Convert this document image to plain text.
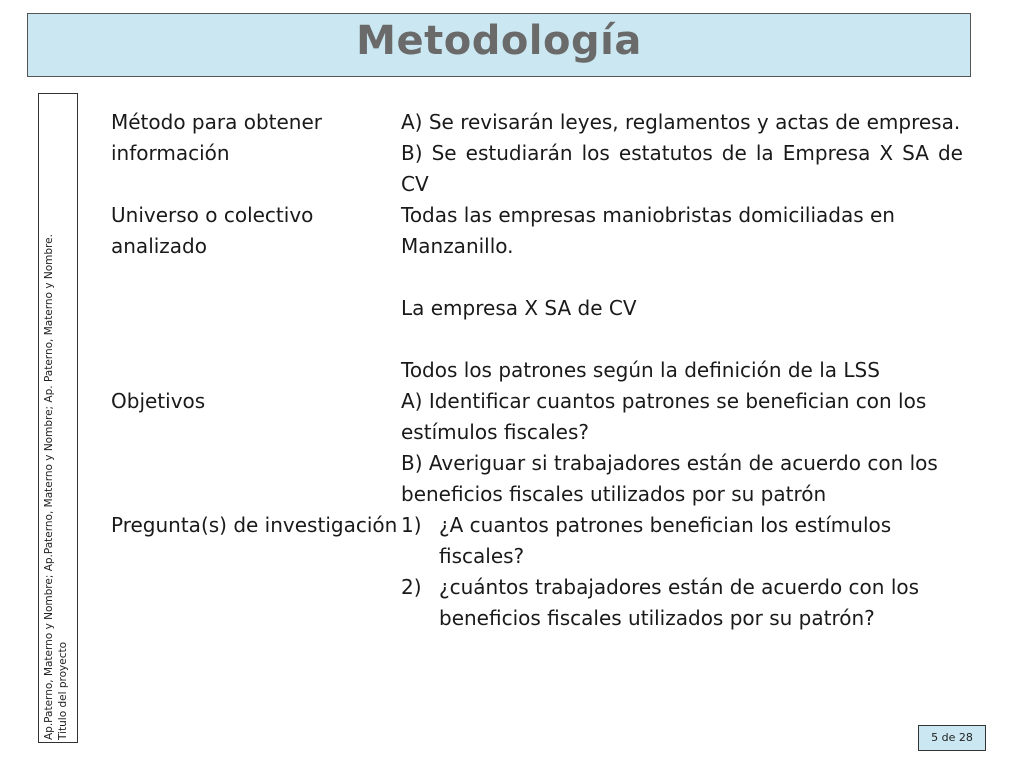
Metodología
Ap.Paterno, Materno y Nombre; Ap.Paterno, Materno y Nombre; Ap. Paterno, Materno y Nombre. Titulo del proyecto
Método para obtener información

A) Se revisarán leyes, reglamentos y actas de empresa.

B) Se estudiarán los estatutos de la Empresa X SA de CV

Universo o colectivo analizado

Todas las empresas maniobristas domiciliadas en Manzanillo.

La empresa X SA de CV

Todos los patrones según la definición de la LSS

Objetivos	A) Identificar cuantos patrones se benefician con los estímulos fiscales?

B) Averiguar si trabajadores están de acuerdo con los beneficios fiscales utilizados por su patrón

Pregunta(s) de investigación 1) ¿A cuantos patrones benefician los estímulos fiscales?
2) ¿cuántos trabajadores están de acuerdo con los beneficios fiscales utilizados por su patrón?
5 de 28
